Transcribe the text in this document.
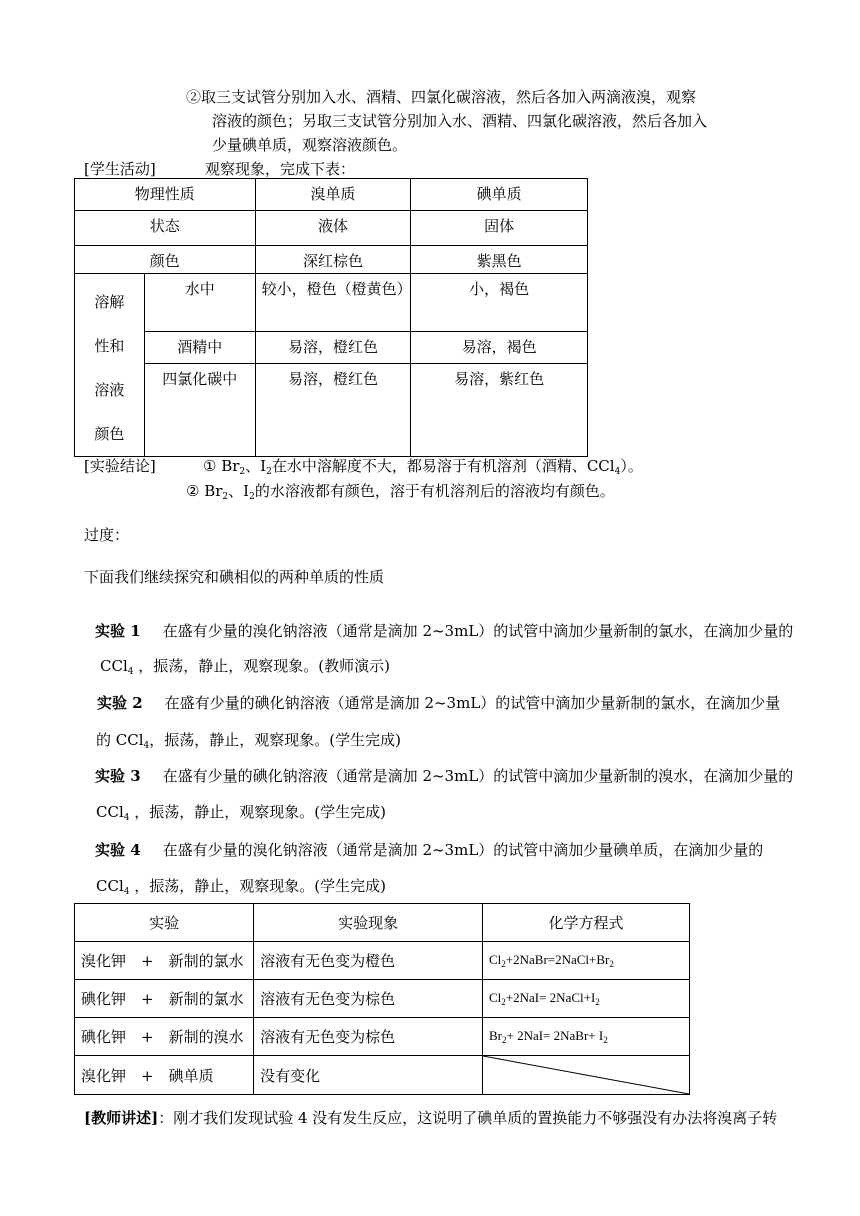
②取三支试管分别加入水、酒精、四氯化碳溶液，然后各加入两滴液溴，观察
溶液的颜色；另取三支试管分别加入水、酒精、四氯化碳溶液，然后各加入
少量碘单质，观察溶液颜色。
[学生活动]	观察现象，完成下表：
物理性质		溴单质	碘单质
状态		液体	固体
颜色		深红棕色	紫黑色

溶解
性和
溶液
颜色	水中	较小，橙色（橙黄色）	小，褐色
	酒精中	易溶，橙红色	易溶，褐色
	四氯化碳中	易溶，橙红色	易溶，紫红色
[实验结论]	① $Br_2$、$I_2$在水中溶解度不大，都易溶于有机溶剂（酒精、CCl$_4$）。
② $Br_2$、$I_2$的水溶液都有颜色，溶于有机溶剂后的溶液均有颜色。
过度：
下面我们继续探究和碘相似的两种单质的性质
实验 1 在盛有少量的溴化钠溶液（通常是滴加 2~3mL）的试管中滴加少量新制的氯水，在滴加少量的
CCl$_4$ ，振荡，静止，观察现象。(教师演示)
实验 2 在盛有少量的碘化钠溶液（通常是滴加 2~3mL）的试管中滴加少量新制的氯水，在滴加少量
的 CCl$_4$，振荡，静止，观察现象。(学生完成)
实验 3 在盛有少量的碘化钠溶液（通常是滴加 2~3mL）的试管中滴加少量新制的溴水，在滴加少量的
CCl$_4$ ，振荡，静止，观察现象。(学生完成)
实验 4 在盛有少量的溴化钠溶液（通常是滴加 2~3mL）的试管中滴加少量碘单质，在滴加少量的
CCl$_4$ ，振荡，静止，观察现象。(学生完成)
实验	实验现象	化学方程式
溴化钾　+　新制的氯水	溶液有无色变为橙色	$Cl_2+2NaBr=2NaCl+Br_2$
碘化钾　+　新制的氯水	溶液有无色变为棕色	$Cl_2+2NaI=$ $2NaCl+I_2$
碘化钾　+　新制的溴水	溶液有无色变为棕色	$Br_2+ 2NaI=$ 2NaBr+ $I_2$
溴化钾　+　碘单质	没有变化	
[教师讲述]：刚才我们发现试验 4 没有发生反应，这说明了碘单质的置换能力不够强没有办法将溴离子转
